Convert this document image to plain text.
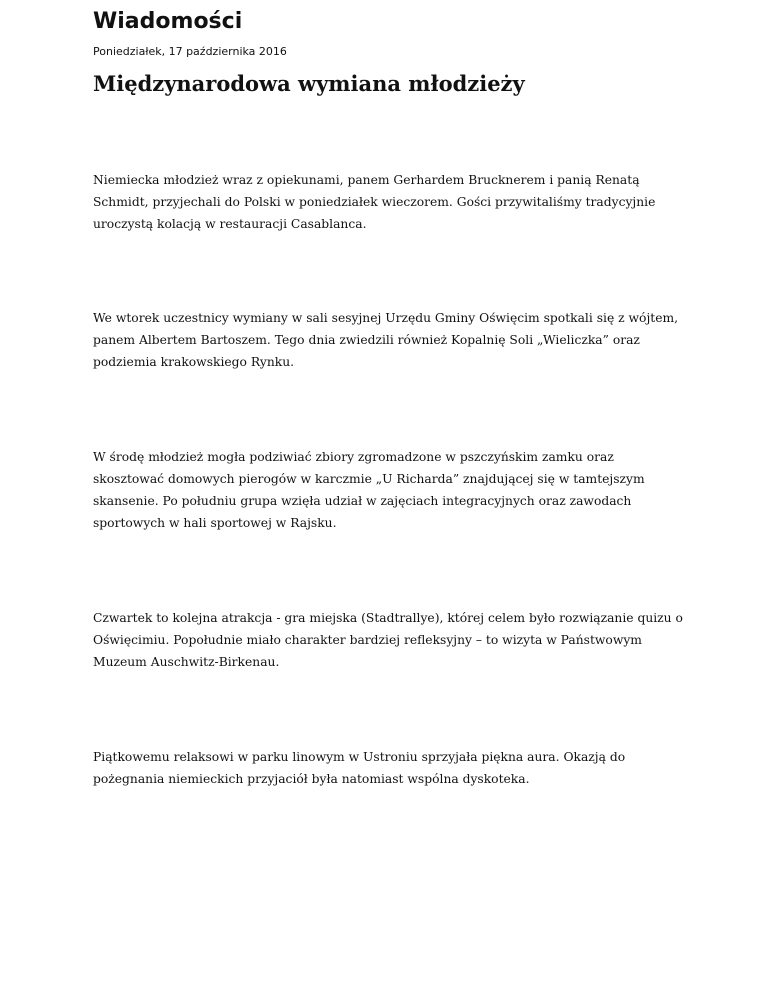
Wiadomości
Poniedziałek, 17 października 2016
Międzynarodowa wymiana młodzieży

Niemiecka młodzież wraz z opiekunami, panem Gerhardem Brucknerem i panią Renatą Schmidt, przyjechali do Polski w poniedziałek wieczorem. Gości przywitaliśmy tradycyjnie uroczystą kolacją w restauracji Casablanca.

We wtorek uczestnicy wymiany w sali sesyjnej Urzędu Gminy Oświęcim spotkali się z wójtem, panem Albertem Bartoszem. Tego dnia zwiedzili również Kopalnię Soli „Wieliczka” oraz podziemia krakowskiego Rynku.

W środę młodzież mogła podziwiać zbiory zgromadzone w pszczyńskim zamku oraz skosztować domowych pierogów w karczmie „U Richarda” znajdującej się w tamtejszym skansenie. Po południu grupa wzięła udział w zajęciach integracyjnych oraz zawodach sportowych w hali sportowej w Rajsku.

Czwartek to kolejna atrakcja - gra miejska (Stadtrallye), której celem było rozwiązanie quizu o Oświęcimiu. Popołudnie miało charakter bardziej refleksyjny – to wizyta w Państwowym Muzeum Auschwitz-Birkenau.

Piątkowemu relaksowi w parku linowym w Ustroniu sprzyjała piękna aura. Okazją do pożegnania niemieckich przyjaciół była natomiast wspólna dyskoteka.
